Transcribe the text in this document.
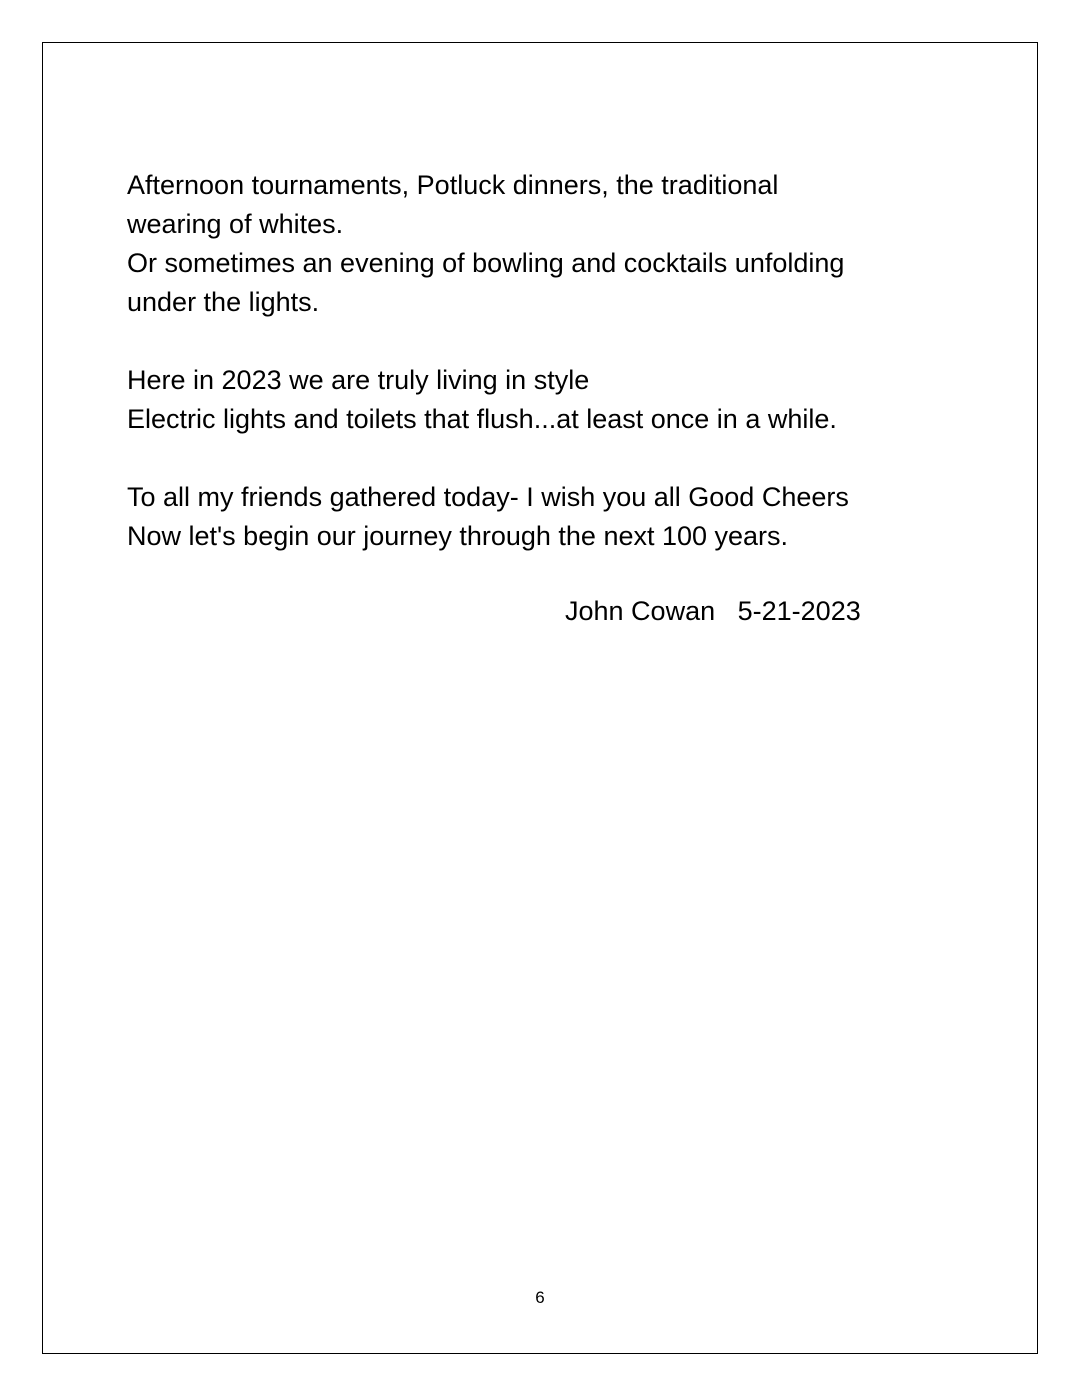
Afternoon tournaments, Potluck dinners, the traditional
wearing of whites.
Or sometimes an evening of bowling and cocktails unfolding
under the lights.
Here in 2023 we are truly living in style
Electric lights and toilets that flush...at least once in a while.
To all my friends gathered today- I wish you all Good Cheers
Now let's begin our journey through the next 100 years.
John Cowan 5-21-2023
6
